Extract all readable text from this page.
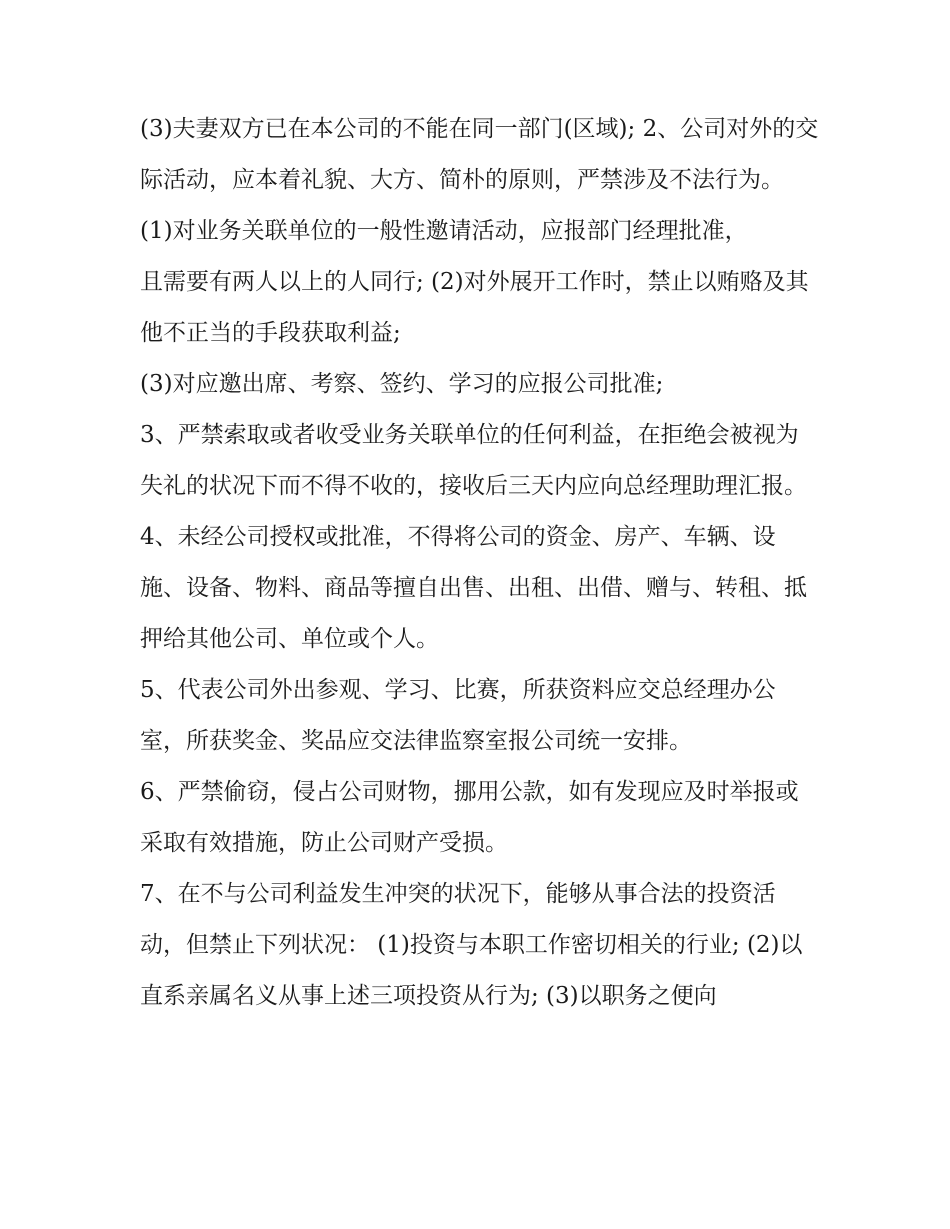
(3)夫妻双方已在本公司的不能在同一部门(区域); 2、公司对外的交际活动，应本着礼貌、大方、简朴的原则，严禁涉及不法行为。

(1)对业务关联单位的一般性邀请活动，应报部门经理批准，

且需要有两人以上的人同行; (2)对外展开工作时，禁止以贿赂及其他不正当的手段获取利益;

(3)对应邀出席、考察、签约、学习的应报公司批准;

3、严禁索取或者收受业务关联单位的任何利益，在拒绝会被视为失礼的状况下而不得不收的，接收后三天内应向总经理助理汇报。

4、未经公司授权或批准，不得将公司的资金、房产、车辆、设施、设备、物料、商品等擅自出售、出租、出借、赠与、转租、抵押给其他公司、单位或个人。

5、代表公司外出参观、学习、比赛，所获资料应交总经理办公室，所获奖金、奖品应交法律监察室报公司统一安排。

6、严禁偷窃，侵占公司财物，挪用公款，如有发现应及时举报或采取有效措施，防止公司财产受损。

7、在不与公司利益发生冲突的状况下，能够从事合法的投资活动，但禁止下列状况： (1)投资与本职工作密切相关的行业; (2)以直系亲属名义从事上述三项投资从行为; (3)以职务之便向
